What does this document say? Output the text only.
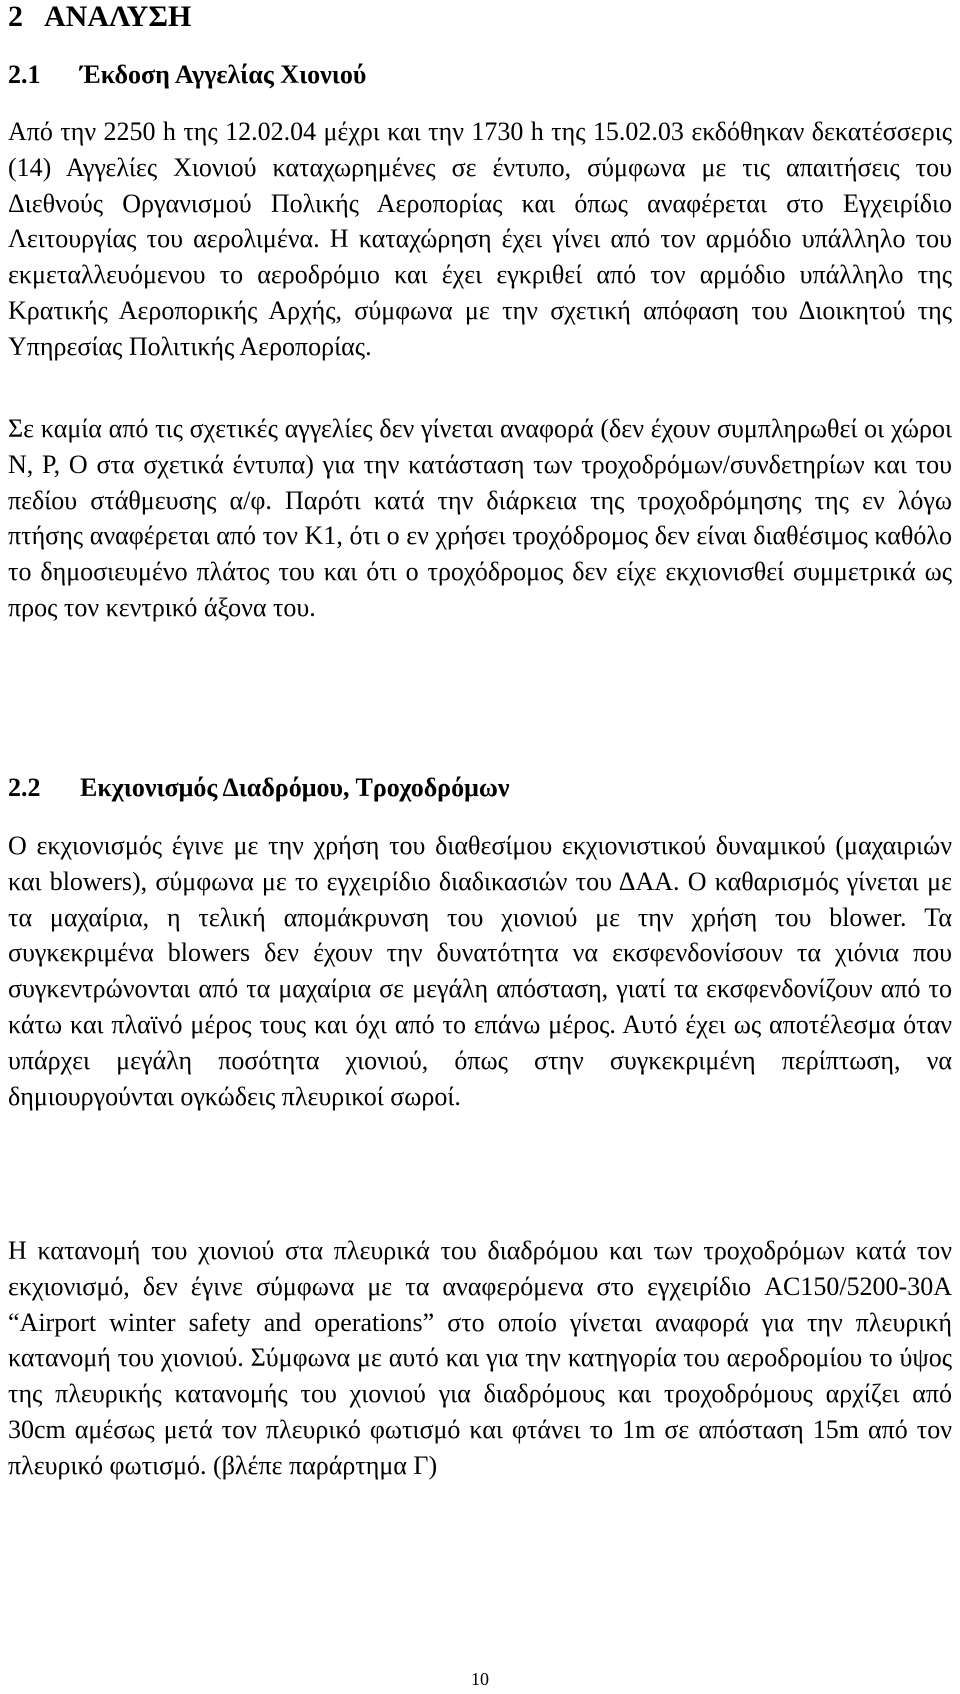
2 ΑΝΑΛΥΣΗ
2.1 Έκδοση Αγγελίας Χιονιού

Από την 2250 h της 12.02.04 μέχρι και την 1730 h της 15.02.03 εκδόθηκαν δεκατέσσερις (14) Αγγελίες Χιονιού καταχωρημένες σε έντυπο, σύμφωνα με τις απαιτήσεις του Διεθνούς Οργανισμού Πολικής Αεροπορίας και όπως αναφέρεται στο Εγχειρίδιο Λειτουργίας του αερολιμένα. Η καταχώρηση έχει γίνει από τον αρμόδιο υπάλληλο του εκμεταλλευόμενου το αεροδρόμιο και έχει εγκριθεί από τον αρμόδιο υπάλληλο της Κρατικής Αεροπορικής Αρχής, σύμφωνα με την σχετική απόφαση του Διοικητού της Υπηρεσίας Πολιτικής Αεροπορίας.

Σε καμία από τις σχετικές αγγελίες δεν γίνεται αναφορά (δεν έχουν συμπληρωθεί οι χώροι N, P, O στα σχετικά έντυπα) για την κατάσταση των τροχοδρόμων/συνδετηρίων και του πεδίου στάθμευσης α/φ. Παρότι κατά την διάρκεια της τροχοδρόμησης της εν λόγω πτήσης αναφέρεται από τον Κ1, ότι ο εν χρήσει τροχόδρομος δεν είναι διαθέσιμος καθόλο το δημοσιευμένο πλάτος του και ότι ο τροχόδρομος δεν είχε εκχιονισθεί συμμετρικά ως προς τον κεντρικό άξονα του.

2.2 Εκχιονισμός Διαδρόμου, Τροχοδρόμων

Ο εκχιονισμός έγινε με την χρήση του διαθεσίμου εκχιονιστικού δυναμικού (μαχαιριών και blowers), σύμφωνα με το εγχειρίδιο διαδικασιών του ΔΑΑ. Ο καθαρισμός γίνεται με τα μαχαίρια, η τελική απομάκρυνση του χιονιού με την χρήση του blower. Τα συγκεκριμένα blowers δεν έχουν την δυνατότητα να εκσφενδονίσουν τα χιόνια που συγκεντρώνονται από τα μαχαίρια σε μεγάλη απόσταση, γιατί τα εκσφενδονίζουν από το κάτω και πλαϊνό μέρος τους και όχι από το επάνω μέρος. Αυτό έχει ως αποτέλεσμα όταν υπάρχει μεγάλη ποσότητα χιονιού, όπως στην συγκεκριμένη περίπτωση, να δημιουργούνται ογκώδεις πλευρικοί σωροί.

Η κατανομή του χιονιού στα πλευρικά του διαδρόμου και των τροχοδρόμων κατά τον εκχιονισμό, δεν έγινε σύμφωνα με τα αναφερόμενα στο εγχειρίδιο AC150/5200-30A “Airport winter safety and operations” στο οποίο γίνεται αναφορά για την πλευρική κατανομή του χιονιού. Σύμφωνα με αυτό και για την κατηγορία του αεροδρομίου το ύψος της πλευρικής κατανομής του χιονιού για διαδρόμους και τροχοδρόμους αρχίζει από 30cm αμέσως μετά τον πλευρικό φωτισμό και φτάνει το 1m σε απόσταση 15m από τον πλευρικό φωτισμό. (βλέπε παράρτημα Γ)

10
